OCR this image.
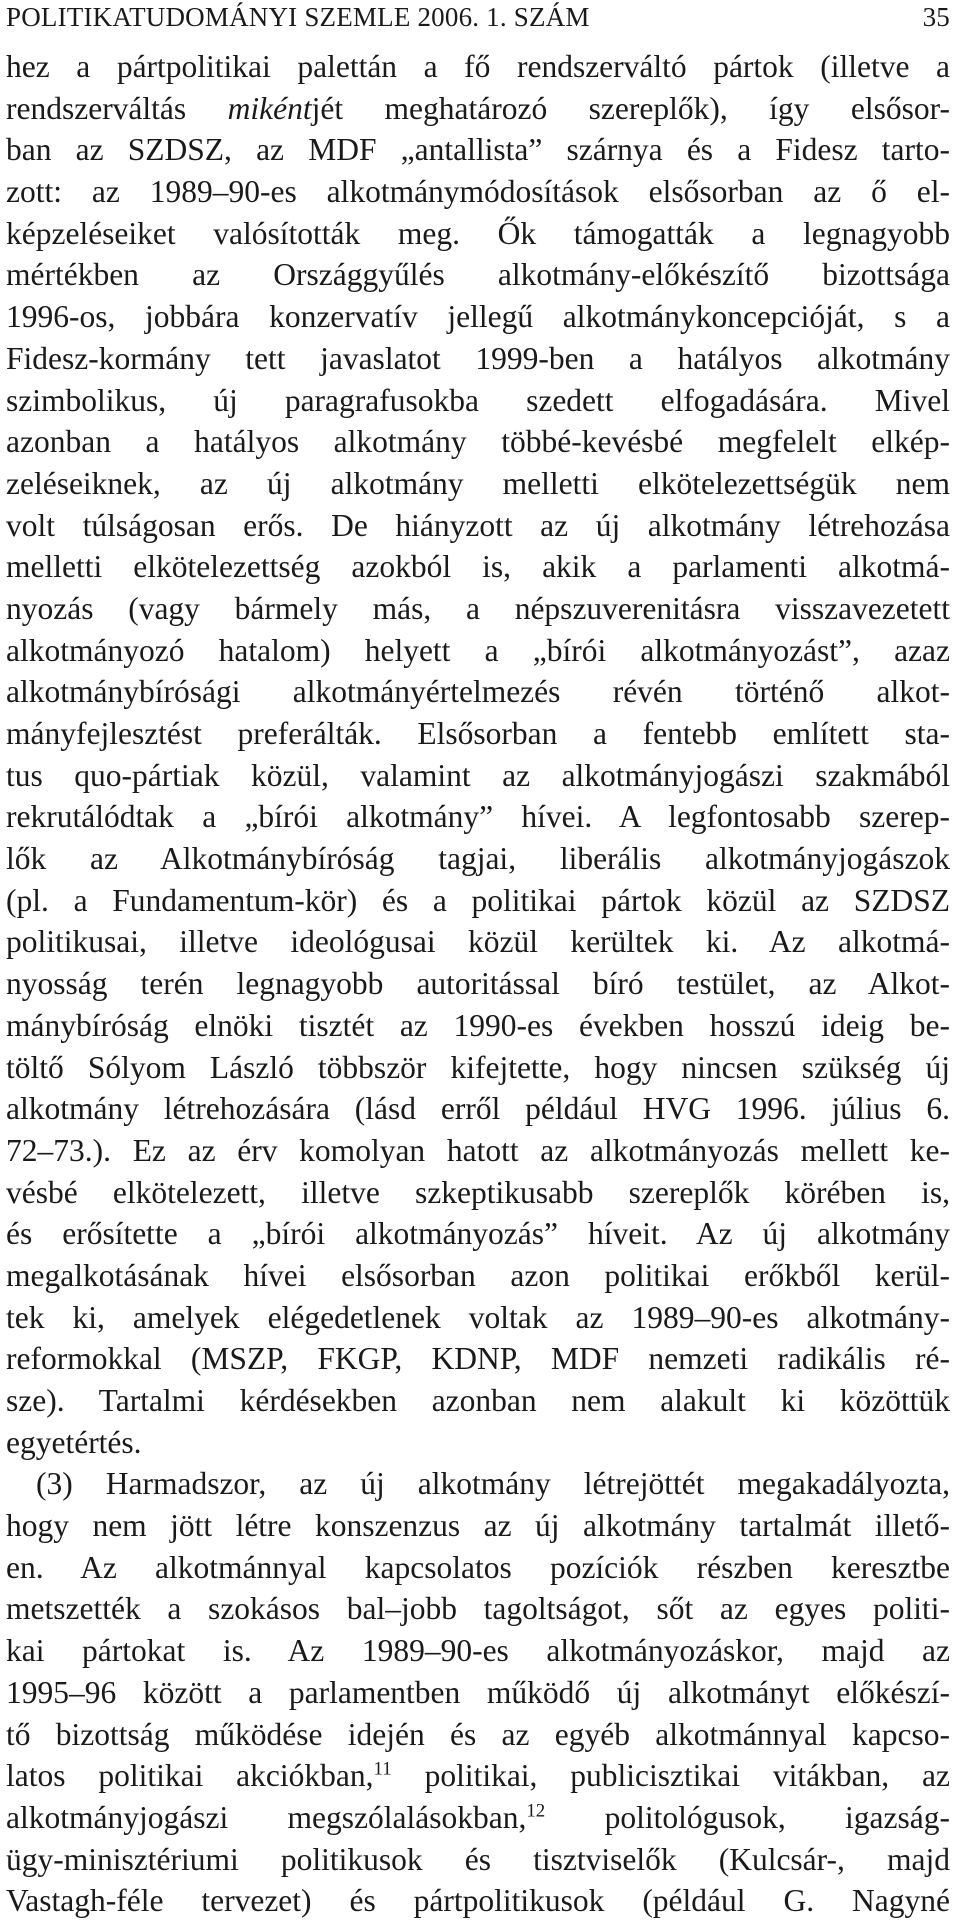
POLITIKATUDOMÁNYI SZEMLE 2006. 1. SZÁM	35
hez a pártpolitikai palettán a fő rendszerváltó pártok (illetve a
rendszerváltás mikéntjét meghatározó szereplők), így elsősor-
ban az SZDSZ, az MDF „antallista” szárnya és a Fidesz tarto-
zott: az 1989–90-es alkotmánymódosítások elsősorban az ő el-
képzeléseiket valósították meg. Ők támogatták a legnagyobb
mértékben az Országgyűlés alkotmány-előkészítő bizottsága
1996-os, jobbára konzervatív jellegű alkotmánykoncepcióját, s a
Fidesz-kormány tett javaslatot 1999-ben a hatályos alkotmány
szimbolikus, új paragrafusokba szedett elfogadására. Mivel
azonban a hatályos alkotmány többé-kevésbé megfelelt elkép-
zeléseiknek, az új alkotmány melletti elkötelezettségük nem
volt túlságosan erős. De hiányzott az új alkotmány létrehozása
melletti elkötelezettség azokból is, akik a parlamenti alkotmá-
nyozás (vagy bármely más, a népszuverenitásra visszavezetett
alkotmányozó hatalom) helyett a „bírói alkotmányozást”, azaz
alkotmánybírósági alkotmányértelmezés révén történő alkot-
mányfejlesztést preferálták. Elsősorban a fentebb említett sta-
tus quo-pártiak közül, valamint az alkotmányjogászi szakmából
rekrutálódtak a „bírói alkotmány” hívei. A legfontosabb szerep-
lők az Alkotmánybíróság tagjai, liberális alkotmányjogászok
(pl. a Fundamentum-kör) és a politikai pártok közül az SZDSZ
politikusai, illetve ideológusai közül kerültek ki. Az alkotmá-
nyosság terén legnagyobb autoritással bíró testület, az Alkot-
mánybíróság elnöki tisztét az 1990-es években hosszú ideig be-
töltő Sólyom László többször kifejtette, hogy nincsen szükség új
alkotmány létrehozására (lásd erről például HVG 1996. július 6.
72–73.). Ez az érv komolyan hatott az alkotmányozás mellett ke-
vésbé elkötelezett, illetve szkeptikusabb szereplők körében is,
és erősítette a „bírói alkotmányozás” híveit. Az új alkotmány
megalkotásának hívei elsősorban azon politikai erőkből kerül-
tek ki, amelyek elégedetlenek voltak az 1989–90-es alkotmány-
reformokkal (MSZP, FKGP, KDNP, MDF nemzeti radikális ré-
sze). Tartalmi kérdésekben azonban nem alakult ki közöttük
egyetértés.
(3) Harmadszor, az új alkotmány létrejöttét megakadályozta,
hogy nem jött létre konszenzus az új alkotmány tartalmát illető-
en. Az alkotmánnyal kapcsolatos pozíciók részben keresztbe
metszették a szokásos bal–jobb tagoltságot, sőt az egyes politi-
kai pártokat is. Az 1989–90-es alkotmányozáskor, majd az
1995–96 között a parlamentben működő új alkotmányt előkészí-
tő bizottság működése idején és az egyéb alkotmánnyal kapcso-
latos politikai akciókban,$^{11}$ politikai, publicisztikai vitákban, az
alkotmányjogászi megszólalásokban,$^{12}$ politológusok, igazság-
ügy-minisztériumi politikusok és tisztviselők (Kulcsár-, majd
Vastagh-féle tervezet) és pártpolitikusok (például G. Nagyné
